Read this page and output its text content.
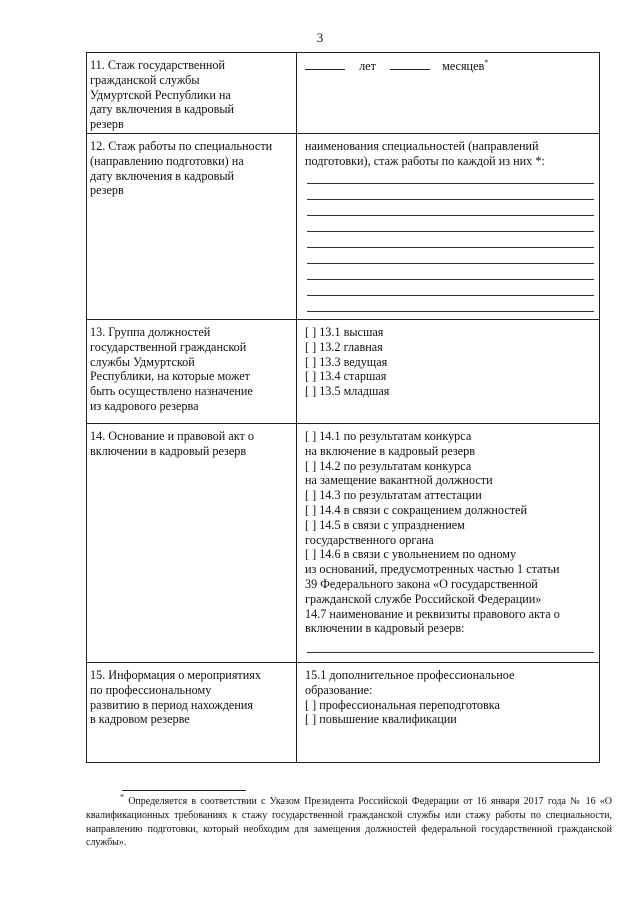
3
11. Стаж государственной
гражданской службы
Удмуртской Республики на
дату включения в кадровый
резерв
лет	месяцев*
12. Стаж работы по специальности
(направлению подготовки) на
дату включения в кадровый
резерв
наименования специальностей (направлений
подготовки), стаж работы по каждой из них *:
13. Группа должностей
государственной гражданской
службы Удмуртской
Республики, на которые может
быть осуществлено назначение
из кадрового резерва
[ ] 13.1 высшая
[ ] 13.2 главная
[ ] 13.3 ведущая
[ ] 13.4 старшая
[ ] 13.5 младшая
14. Основание и правовой акт о
включении в кадровый резерв
[ ] 14.1 по результатам конкурса
на включение в кадровый резерв
[ ] 14.2 по результатам конкурса
на замещение вакантной должности
[ ] 14.3 по результатам аттестации
[ ] 14.4 в связи с сокращением должностей
[ ] 14.5 в связи с упразднением
государственного органа
[ ] 14.6 в связи с увольнением по одному
из оснований, предусмотренных частью 1 статьи
39 Федерального закона «О государственной
гражданской службе Российской Федерации»
14.7 наименование и реквизиты правового акта о
включении в кадровый резерв:
15. Информация о мероприятиях
по профессиональному
развитию в период нахождения
в кадровом резерве
15.1 дополнительное профессиональное
образование:
[ ] профессиональная переподготовка
[ ] повышение квалификации
* Определяется в соответствии с Указом Президента Российской Федерации от 16 января 2017 года № 16 «О квалификационных требованиях к стажу государственной гражданской службы или стажу работы по специальности, направлению подготовки, который необходим для замещения должностей федеральной государственной гражданской службы».
